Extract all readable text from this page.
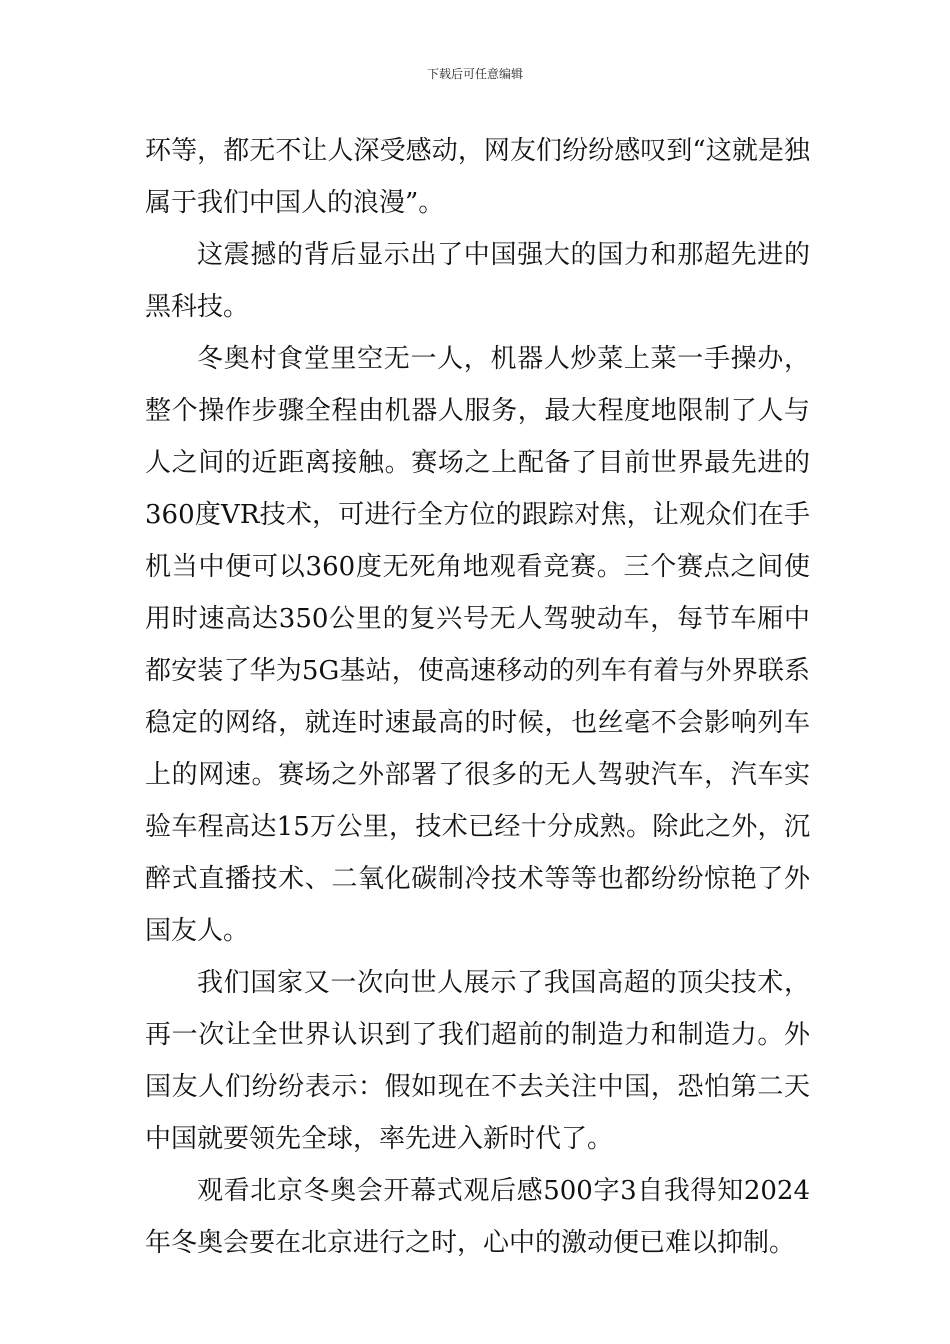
下载后可任意编辑

环等，都无不让人深受感动，网友们纷纷感叹到“这就是独属于我们中国人的浪漫”。

这震撼的背后显示出了中国强大的国力和那超先进的黑科技。

冬奥村食堂里空无一人，机器人炒菜上菜一手操办，整个操作步骤全程由机器人服务，最大程度地限制了人与人之间的近距离接触。赛场之上配备了目前世界最先进的360度VR技术，可进行全方位的跟踪对焦，让观众们在手机当中便可以360度无死角地观看竞赛。三个赛点之间使用时速高达350公里的复兴号无人驾驶动车，每节车厢中都安装了华为5G基站，使高速移动的列车有着与外界联系稳定的网络，就连时速最高的时候，也丝毫不会影响列车上的网速。赛场之外部署了很多的无人驾驶汽车，汽车实验车程高达15万公里，技术已经十分成熟。除此之外，沉醉式直播技术、二氧化碳制冷技术等等也都纷纷惊艳了外国友人。

我们国家又一次向世人展示了我国高超的顶尖技术，再一次让全世界认识到了我们超前的制造力和制造力。外国友人们纷纷表示：假如现在不去关注中国，恐怕第二天中国就要领先全球，率先进入新时代了。

观看北京冬奥会开幕式观后感500字3自我得知2024年冬奥会要在北京进行之时，心中的激动便已难以抑制。
